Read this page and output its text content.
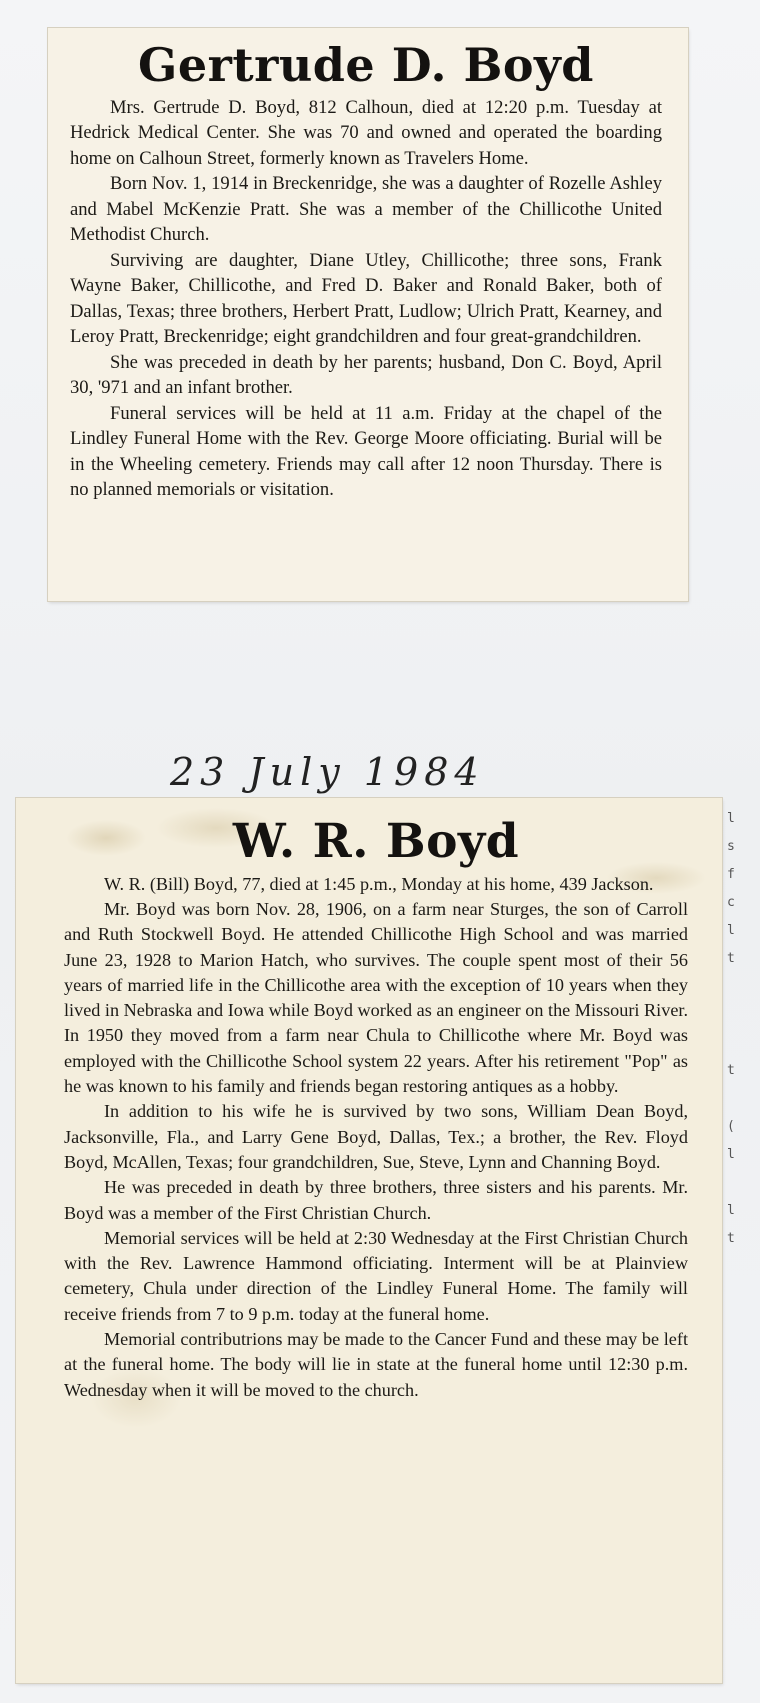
Gertrude D. Boyd

Mrs. Gertrude D. Boyd, 812 Calhoun, died at 12:20 p.m. Tuesday at Hedrick Medical Center. She was 70 and owned and operated the boarding home on Calhoun Street, formerly known as Travelers Home.

Born Nov. 1, 1914 in Breckenridge, she was a daughter of Rozelle Ashley and Mabel McKenzie Pratt. She was a member of the Chillicothe United Methodist Church.

Surviving are daughter, Diane Utley, Chillicothe; three sons, Frank Wayne Baker, Chillicothe, and Fred D. Baker and Ronald Baker, both of Dallas, Texas; three brothers, Herbert Pratt, Ludlow; Ulrich Pratt, Kearney, and Leroy Pratt, Breckenridge; eight grandchildren and four great-grandchildren.

She was preceded in death by her parents; husband, Don C. Boyd, April 30, '971 and an infant brother.

Funeral services will be held at 11 a.m. Friday at the chapel of the Lindley Funeral Home with the Rev. George Moore officiating. Burial will be in the Wheeling cemetery. Friends may call after 12 noon Thursday. There is no planned memorials or visitation.

23 July 1984

W. R. Boyd

W. R. (Bill) Boyd, 77, died at 1:45 p.m., Monday at his home, 439 Jackson.

Mr. Boyd was born Nov. 28, 1906, on a farm near Sturges, the son of Carroll and Ruth Stockwell Boyd. He attended Chillicothe High School and was married June 23, 1928 to Marion Hatch, who survives. The couple spent most of their 56 years of married life in the Chillicothe area with the exception of 10 years when they lived in Nebraska and Iowa while Boyd worked as an engineer on the Missouri River. In 1950 they moved from a farm near Chula to Chillicothe where Mr. Boyd was employed with the Chillicothe School system 22 years. After his retirement "Pop" as he was known to his family and friends began restoring antiques as a hobby.

In addition to his wife he is survived by two sons, William Dean Boyd, Jacksonville, Fla., and Larry Gene Boyd, Dallas, Tex.; a brother, the Rev. Floyd Boyd, McAllen, Texas; four grandchildren, Sue, Steve, Lynn and Channing Boyd.

He was preceded in death by three brothers, three sisters and his parents. Mr. Boyd was a member of the First Christian Church.

Memorial services will be held at 2:30 Wednesday at the First Christian Church with the Rev. Lawrence Hammond officiating. Interment will be at Plainview cemetery, Chula under direction of the Lindley Funeral Home. The family will receive friends from 7 to 9 p.m. today at the funeral home.

Memorial contributrions may be made to the Cancer Fund and these may be left at the funeral home. The body will lie in state at the funeral home until 12:30 p.m. Wednesday when it will be moved to the church.

l
s
f
c
l
t

t

(
l

l
t
